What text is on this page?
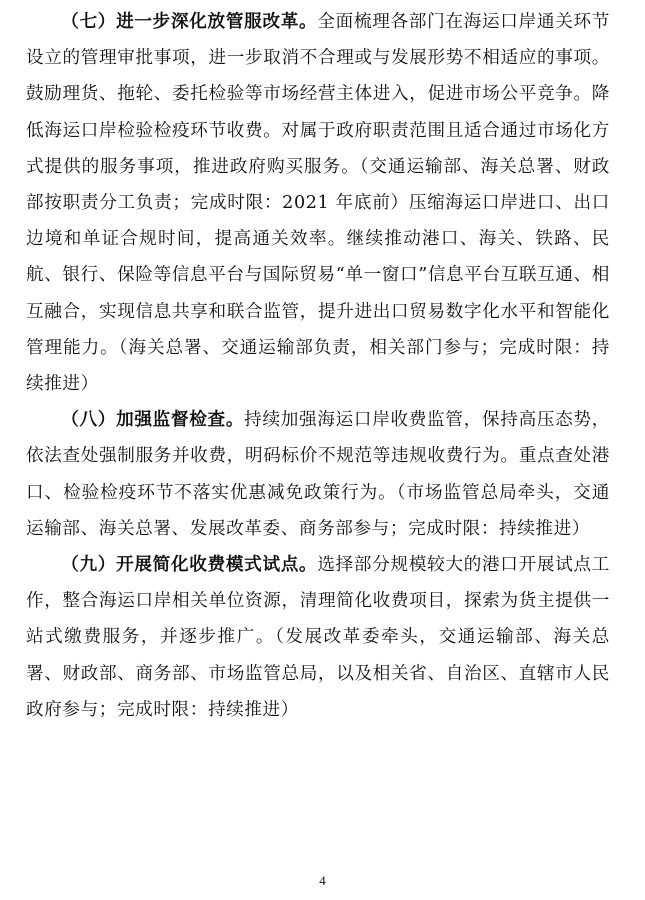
（七）进一步深化放管服改革。全面梳理各部门在海运口岸通关环节设立的管理审批事项，进一步取消不合理或与发展形势不相适应的事项。鼓励理货、拖轮、委托检验等市场经营主体进入，促进市场公平竞争。降低海运口岸检验检疫环节收费。对属于政府职责范围且适合通过市场化方式提供的服务事项，推进政府购买服务。（交通运输部、海关总署、财政部按职责分工负责；完成时限：2021 年底前）压缩海运口岸进口、出口边境和单证合规时间，提高通关效率。继续推动港口、海关、铁路、民航、银行、保险等信息平台与国际贸易“单一窗口”信息平台互联互通、相互融合，实现信息共享和联合监管，提升进出口贸易数字化水平和智能化管理能力。（海关总署、交通运输部负责，相关部门参与；完成时限：持续推进）

（八）加强监督检查。持续加强海运口岸收费监管，保持高压态势，依法查处强制服务并收费，明码标价不规范等违规收费行为。重点查处港口、检验检疫环节不落实优惠减免政策行为。（市场监管总局牵头，交通运输部、海关总署、发展改革委、商务部参与；完成时限：持续推进）

（九）开展简化收费模式试点。选择部分规模较大的港口开展试点工作，整合海运口岸相关单位资源，清理简化收费项目，探索为货主提供一站式缴费服务，并逐步推广。（发展改革委牵头，交通运输部、海关总署、财政部、商务部、市场监管总局，以及相关省、自治区、直辖市人民政府参与；完成时限：持续推进）

4
